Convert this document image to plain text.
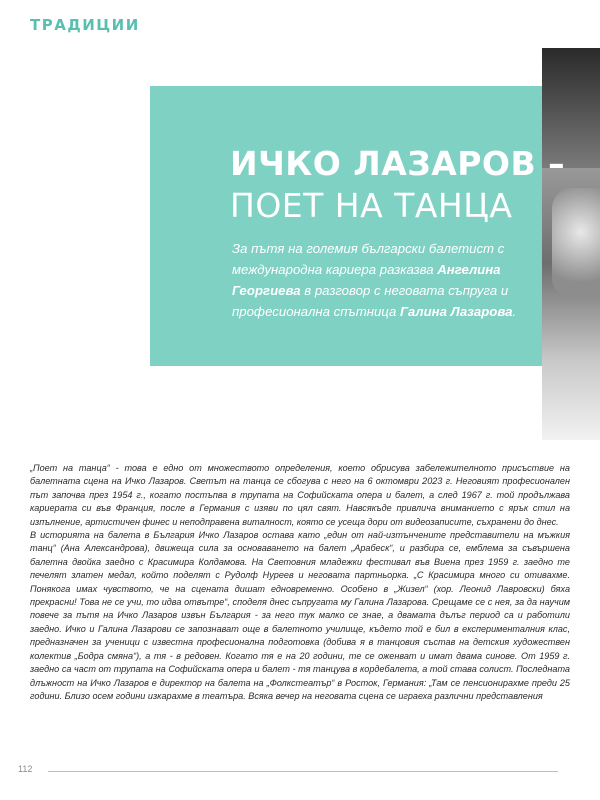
ТРАДИЦИИ
ИЧКО ЛАЗАРОВ –
ПОЕТ НА ТАНЦА
За пътя на големия български балетист с международна кариера разказва Ангелина Георгиева в разговор с неговата съпруга и професионална спътница Галина Лазарова.

„Поет на танца“ - това е едно от множеството определения, което обрисува забележителното присъствие на балетната сцена на Ичко Лазаров. Светът на танца се сбогува с него на 6 октомври 2023 г. Неговият професионален път започва през 1954 г., когато постъпва в трупата на Софийската опера и балет, а след 1967 г. той продължава кариерата си във Франция, после в Германия с изяви по цял свят. Навсякъде привлича вниманието с ярък стил на изпълнение, артистичен финес и неподправена виталност, която се усеща дори от видеозаписите, съхранени до днес.

В историята на балета в България Ичко Лазаров остава като „един от най-изтънчените представители на мъжкия танц“ (Ана Александрова), движеща сила за основаването на балет „Арабеск“, и разбира се, емблема за съвършена балетна двойка заедно с Красимира Колдамова. На Световния младежки фестивал във Виена през 1959 г. заедно те печелят златен медал, който поделят с Рудолф Нуреев и неговата партньорка. „С Красимира много си отивахме. Понякога имах чувството, че на сцената дишат едновременно. Особено в „Жизел“ (хор. Леонид Лавровски) бяха прекрасни! Това не се учи, то идва отвътре“, споделя днес съпругата му Галина Лазарова. Срещаме се с нея, за да научим повече за пътя на Ичко Лазаров извън България - за него тук малко се знае, а двамата дълъг период са и работили заедно. Ичко и Галина Лазарови се запознават още в балетното училище, където той е бил в експерименталния клас, предназначен за ученици с известна професионална подготовка (добива я в танцовия състав на детския художествен колектив „Бодра смяна“), а тя - в редовен. Когато тя е на 20 години, те се оженват и имат двама синове. От 1959 г. заедно са част от трупата на Софийската опера и балет - тя танцува в кордебалета, а той става солист. Последната длъжност на Ичко Лазаров е директор на балета на „Фолкстеатър“ в Росток, Германия: „Там се пенсионирахме преди 25 години. Близо осем години изкарахме в театъра. Всяка вечер на неговата сцена се играеха различни представления

112
